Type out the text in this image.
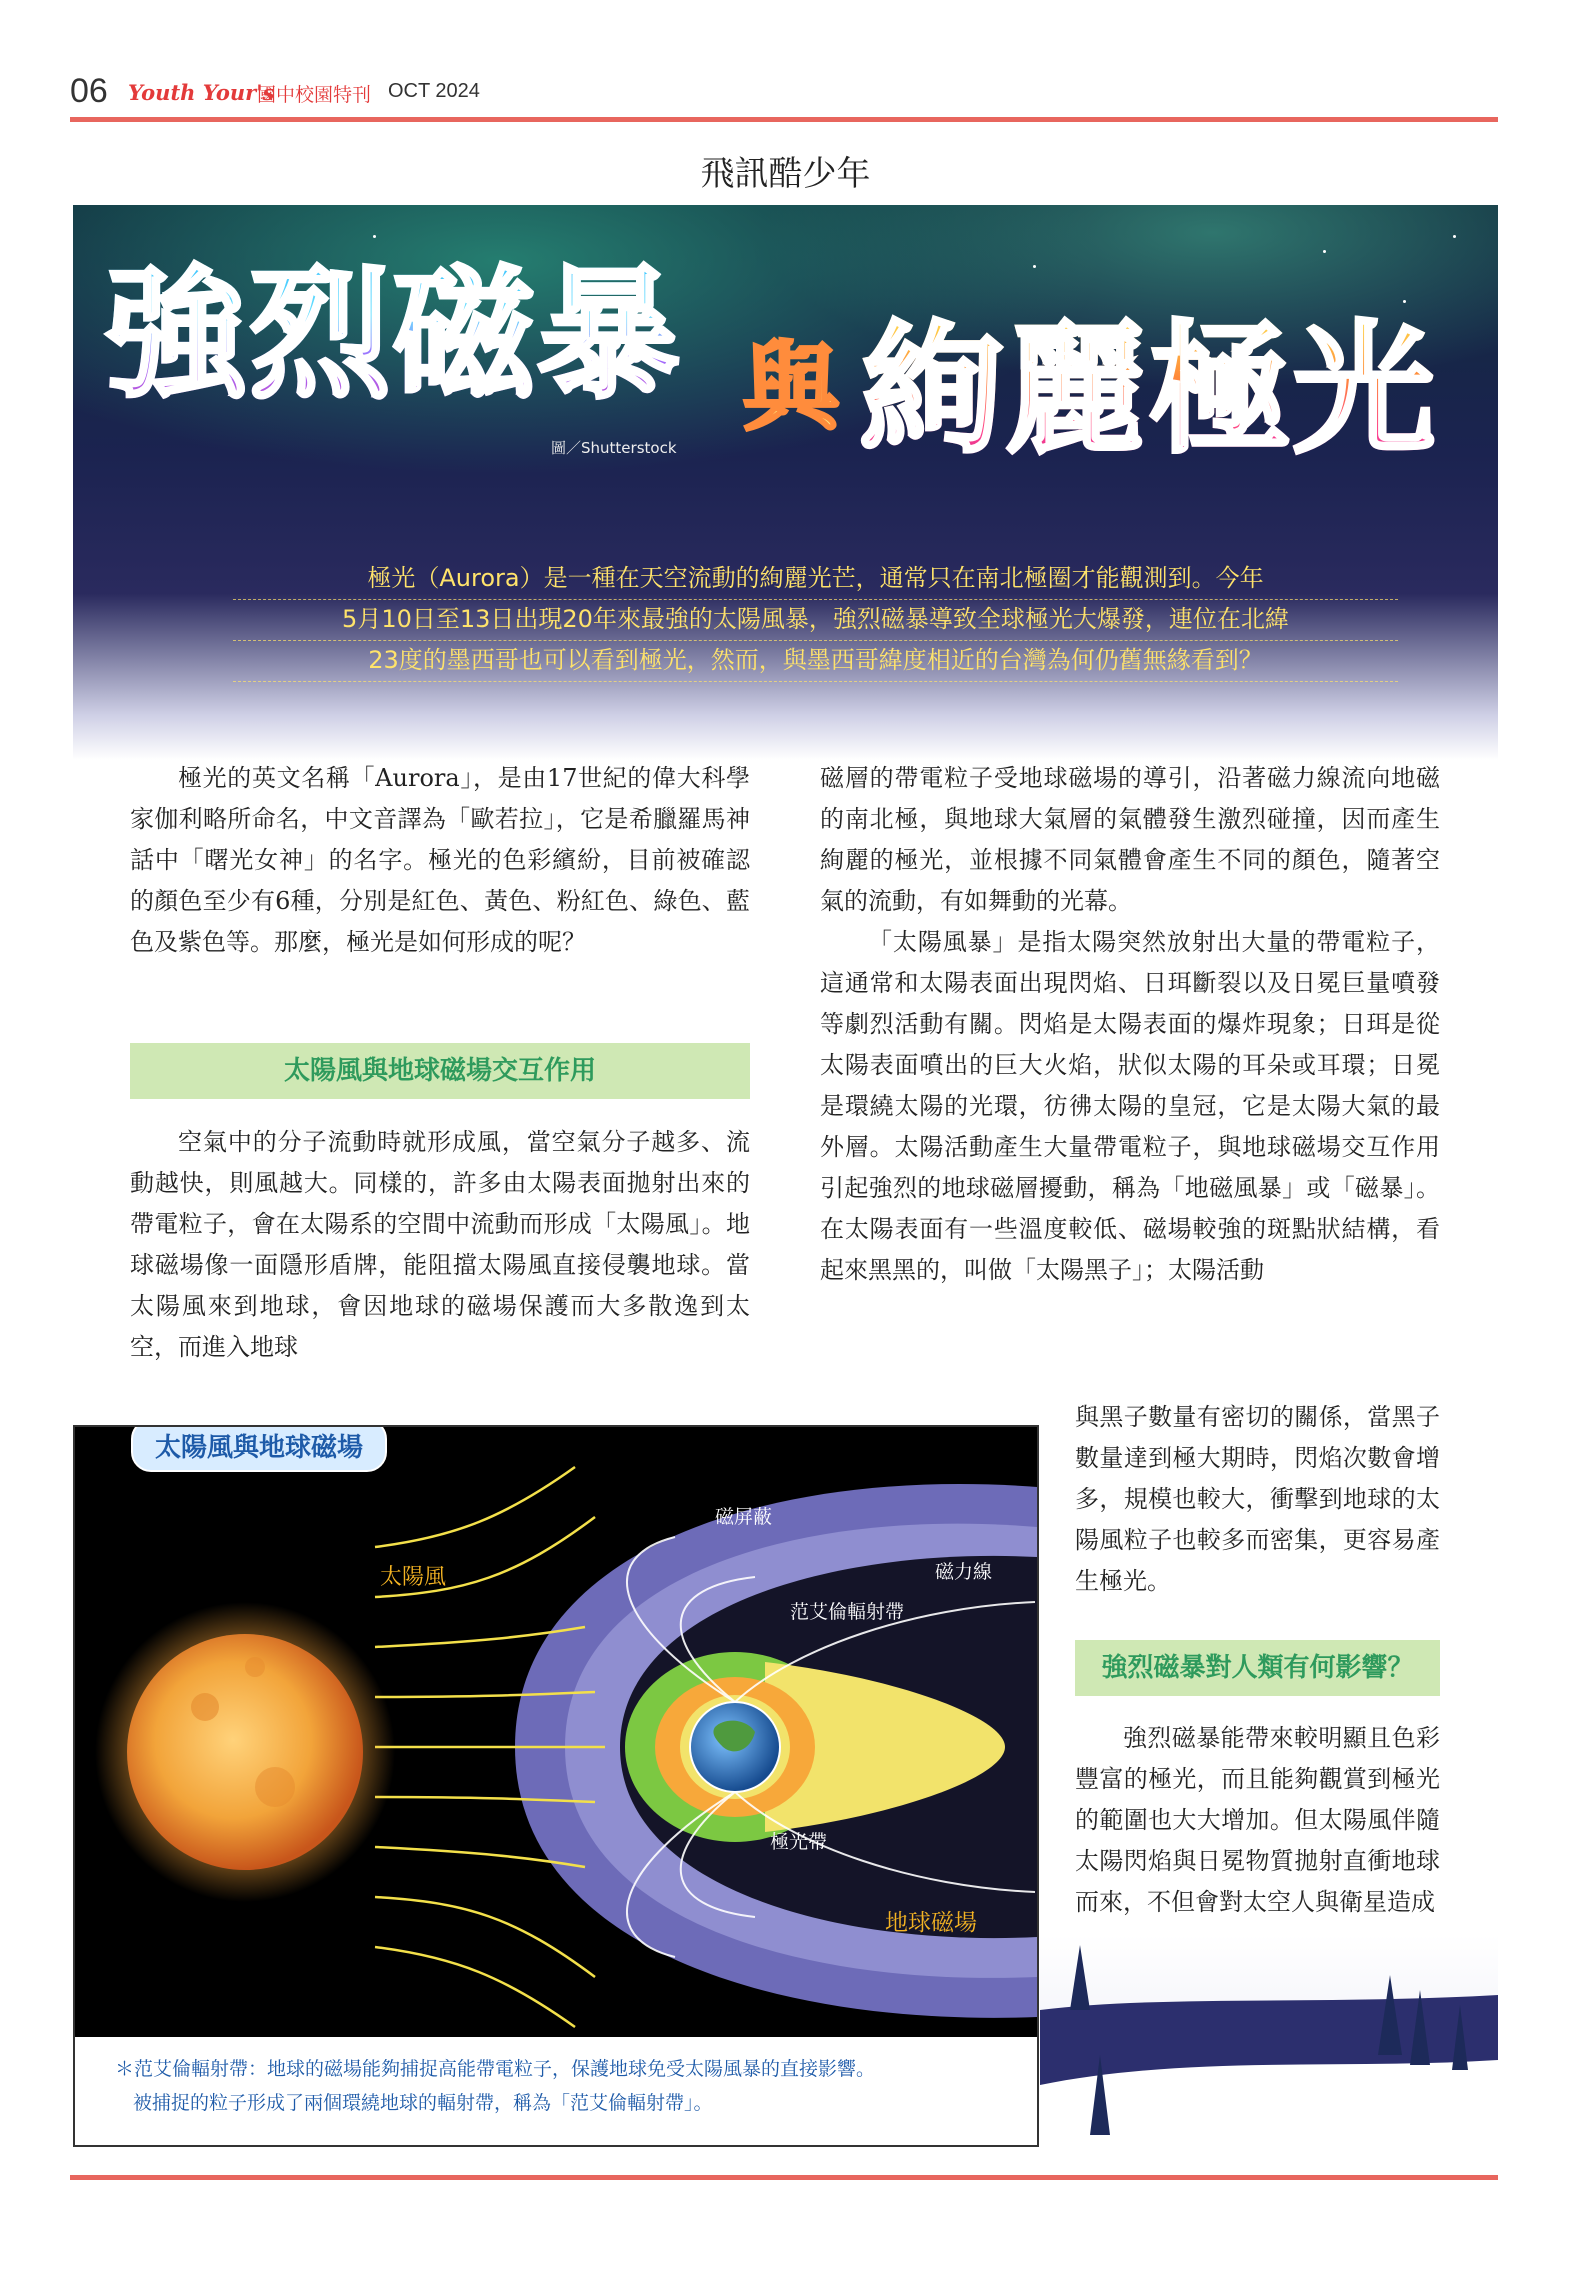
06 Youth Your's
國中校園特刊 OCT 2024
飛訊酷少年
強烈磁暴 與 絢麗極光
圖／Shutterstock
極光（Aurora）是一種在天空流動的絢麗光芒，通常只在南北極圈才能觀測到。今年
5月10日至13日出現20年來最強的太陽風暴，強烈磁暴導致全球極光大爆發，連位在北緯
23度的墨西哥也可以看到極光，然而，與墨西哥緯度相近的台灣為何仍舊無緣看到？

極光的英文名稱「Aurora」，是由17世紀的偉大科學家伽利略所命名，中文音譯為「歐若拉」，它是希臘羅馬神話中「曙光女神」的名字。極光的色彩繽紛，目前被確認的顏色至少有6種，分別是紅色、黃色、粉紅色、綠色、藍色及紫色等。那麼，極光是如何形成的呢？

太陽風與地球磁場交互作用

空氣中的分子流動時就形成風，當空氣分子越多、流動越快，則風越大。同樣的，許多由太陽表面拋射出來的帶電粒子，會在太陽系的空間中流動而形成「太陽風」。地球磁場像一面隱形盾牌，能阻擋太陽風直接侵襲地球。當太陽風來到地球，會因地球的磁場保護而大多散逸到太空，而進入地球

磁層的帶電粒子受地球磁場的導引，沿著磁力線流向地磁的南北極，與地球大氣層的氣體發生激烈碰撞，因而產生絢麗的極光，並根據不同氣體會產生不同的顏色，隨著空氣的流動，有如舞動的光幕。

「太陽風暴」是指太陽突然放射出大量的帶電粒子，這通常和太陽表面出現閃焰、日珥斷裂以及日冕巨量噴發等劇烈活動有關。閃焰是太陽表面的爆炸現象；日珥是從太陽表面噴出的巨大火焰，狀似太陽的耳朵或耳環；日冕是環繞太陽的光環，彷彿太陽的皇冠，它是太陽大氣的最外層。太陽活動產生大量帶電粒子，與地球磁場交互作用引起強烈的地球磁層擾動，稱為「地磁風暴」或「磁暴」。在太陽表面有一些溫度較低、磁場較強的斑點狀結構，看起來黑黑的，叫做「太陽黑子」；太陽活動

與黑子數量有密切的關係，當黑子數量達到極大期時，閃焰次數會增多，規模也較大，衝擊到地球的太陽風粒子也較多而密集，更容易產生極光。

強烈磁暴對人類有何影響？

強烈磁暴能帶來較明顯且色彩豐富的極光，而且能夠觀賞到極光的範圍也大大增加。但太陽風伴隨太陽閃焰與日冕物質拋射直衝地球而來，不但會對太空人與衛星造成

太陽風與地球磁場
太陽風
磁屏蔽
磁力線
范艾倫輻射帶
極光帶
地球磁場
＊范艾倫輻射帶：地球的磁場能夠捕捉高能帶電粒子，保護地球免受太陽風暴的直接影響。
被捕捉的粒子形成了兩個環繞地球的輻射帶，稱為「范艾倫輻射帶」。
